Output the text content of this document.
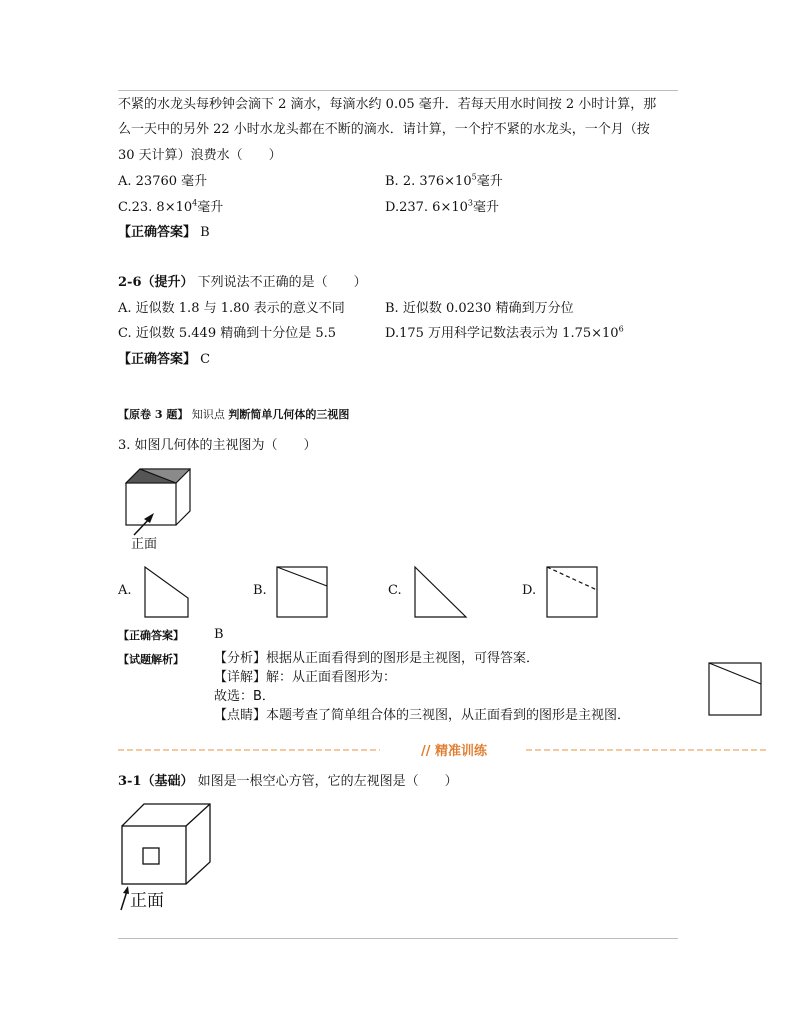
不紧的水龙头每秒钟会滴下 2 滴水，每滴水约 0.05 毫升．若每天用水时间按 2 小时计算，那
么一天中的另外 22 小时水龙头都在不断的滴水．请计算，一个拧不紧的水龙头，一个月（按
30 天计算）浪费水（　　）
A. 23760 毫升	B. 2. $376\times 10^5$毫升
C.23. $8\times 10^4$毫升	D.237. $6\times 10^3$毫升
【正确答案】 B
2-6（提升） 下列说法不正确的是（　　）
A. 近似数 1.8 与 1.80 表示的意义不同	B. 近似数 0.0230 精确到万分位
C. 近似数 5.449 精确到十分位是 5.5	D.175 万用科学记数法表示为 $1.75\times 10^6$
【正确答案】 C
【原卷 3 题】 知识点 判断简单几何体的三视图
3. 如图几何体的主视图为（　　）
正面
A.	B.	C.	D.
【正确答案】 B
【试题解析】 【分析】根据从正面看得到的图形是主视图，可得答案．
【详解】解：从正面看图形为：
故选：B．
【点睛】本题考查了简单组合体的三视图，从正面看到的图形是主视图．
// 精准训练
3-1（基础） 如图是一根空心方管，它的左视图是（　　）
正面
